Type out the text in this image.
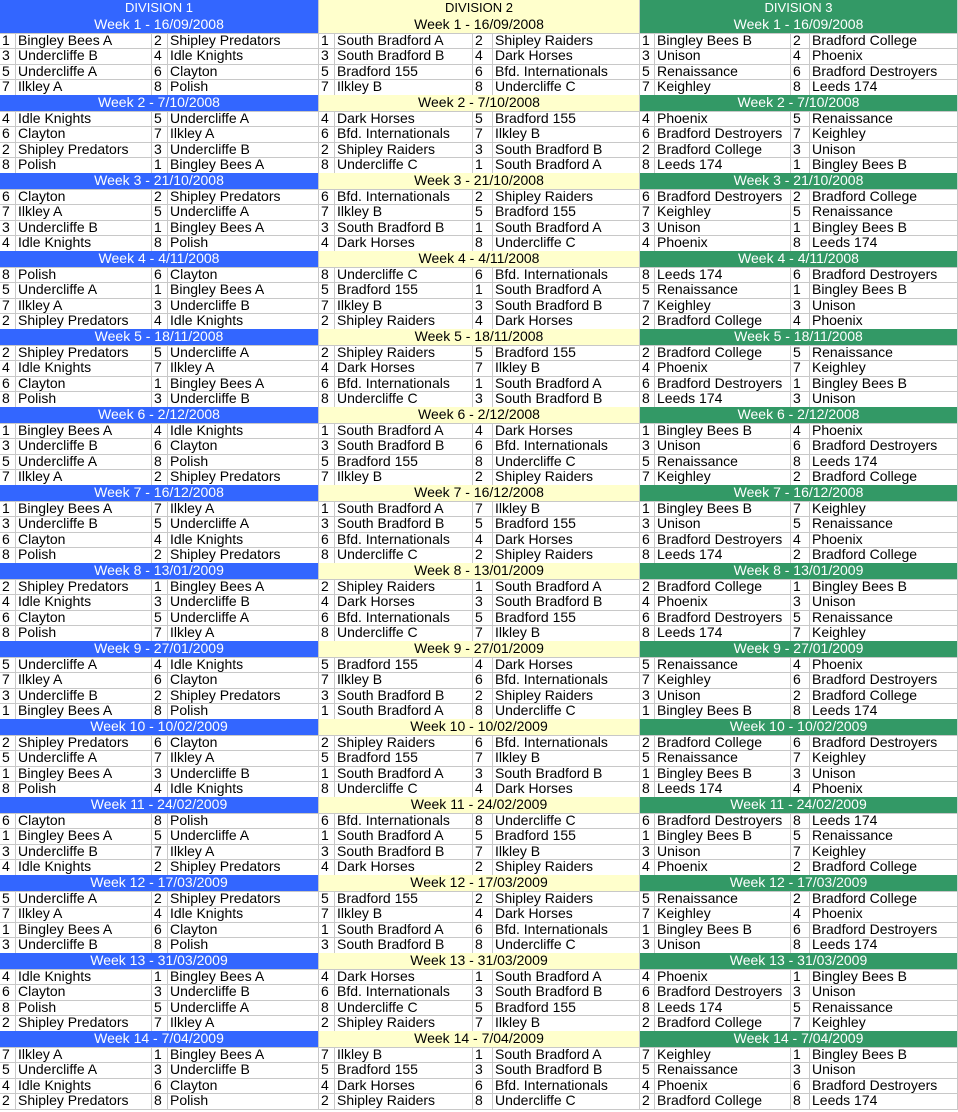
DIVISION 1	DIVISION 2	DIVISION 3
Week 1 - 16/09/2008	Week 1 - 16/09/2008	Week 1 - 16/09/2008
1 Bingley Bees A	2 Shipley Predators	1 South Bradford A	2 Shipley Raiders	1 Bingley Bees B	2 Bradford College
3 Undercliffe B	4 Idle Knights	3 South Bradford B	4 Dark Horses	3 Unison	4 Phoenix
5 Undercliffe A	6 Clayton	5 Bradford 155	6 Bfd. Internationals	5 Renaissance	6 Bradford Destroyers
7 Ilkley A	8 Polish	7 Ilkley B	8 Undercliffe C	7 Keighley	8 Leeds 174
Week 2 - 7/10/2008	Week 2 - 7/10/2008	Week 2 - 7/10/2008
4 Idle Knights	5 Undercliffe A	4 Dark Horses	5 Bradford 155	4 Phoenix	5 Renaissance
6 Clayton	7 Ilkley A	6 Bfd. Internationals	7 Ilkley B	6 Bradford Destroyers 7 Keighley
2 Shipley Predators	3 Undercliffe B	2 Shipley Raiders	3 South Bradford B	2 Bradford College	3 Unison
8 Polish	1 Bingley Bees A	8 Undercliffe C	1 South Bradford A	8 Leeds 174	1 Bingley Bees B
Week 3 - 21/10/2008	Week 3 - 21/10/2008	Week 3 - 21/10/2008
6 Clayton	2 Shipley Predators	6 Bfd. Internationals	2 Shipley Raiders	6 Bradford Destroyers 2 Bradford College
7 Ilkley A	5 Undercliffe A	7 Ilkley B	5 Bradford 155	7 Keighley	5 Renaissance
3 Undercliffe B	1 Bingley Bees A	3 South Bradford B	1 South Bradford A	3 Unison	1 Bingley Bees B
4 Idle Knights	8 Polish	4 Dark Horses	8 Undercliffe C	4 Phoenix	8 Leeds 174
Week 4 - 4/11/2008	Week 4 - 4/11/2008	Week 4 - 4/11/2008
8 Polish	6 Clayton	8 Undercliffe C	6 Bfd. Internationals	8 Leeds 174	6 Bradford Destroyers
5 Undercliffe A	1 Bingley Bees A	5 Bradford 155	1 South Bradford A	5 Renaissance	1 Bingley Bees B
7 Ilkley A	3 Undercliffe B	7 Ilkley B	3 South Bradford B	7 Keighley	3 Unison
2 Shipley Predators	4 Idle Knights	2 Shipley Raiders	4 Dark Horses	2 Bradford College	4 Phoenix
Week 5 - 18/11/2008	Week 5 - 18/11/2008	Week 5 - 18/11/2008
2 Shipley Predators	5 Undercliffe A	2 Shipley Raiders	5 Bradford 155	2 Bradford College	5 Renaissance
4 Idle Knights	7 Ilkley A	4 Dark Horses	7 Ilkley B	4 Phoenix	7 Keighley
6 Clayton	1 Bingley Bees A	6 Bfd. Internationals	1 South Bradford A	6 Bradford Destroyers 1 Bingley Bees B
8 Polish	3 Undercliffe B	8 Undercliffe C	3 South Bradford B	8 Leeds 174	3 Unison
Week 6 - 2/12/2008	Week 6 - 2/12/2008	Week 6 - 2/12/2008
1 Bingley Bees A	4 Idle Knights	1 South Bradford A	4 Dark Horses	1 Bingley Bees B	4 Phoenix
3 Undercliffe B	6 Clayton	3 South Bradford B	6 Bfd. Internationals	3 Unison	6 Bradford Destroyers
5 Undercliffe A	8 Polish	5 Bradford 155	8 Undercliffe C	5 Renaissance	8 Leeds 174
7 Ilkley A	2 Shipley Predators	7 Ilkley B	2 Shipley Raiders	7 Keighley	2 Bradford College
Week 7 - 16/12/2008	Week 7 - 16/12/2008	Week 7 - 16/12/2008
1 Bingley Bees A	7 Ilkley A	1 South Bradford A	7 Ilkley B	1 Bingley Bees B	7 Keighley
3 Undercliffe B	5 Undercliffe A	3 South Bradford B	5 Bradford 155	3 Unison	5 Renaissance
6 Clayton	4 Idle Knights	6 Bfd. Internationals	4 Dark Horses	6 Bradford Destroyers 4 Phoenix
8 Polish	2 Shipley Predators	8 Undercliffe C	2 Shipley Raiders	8 Leeds 174	2 Bradford College
Week 8 - 13/01/2009	Week 8 - 13/01/2009	Week 8 - 13/01/2009
2 Shipley Predators	1 Bingley Bees A	2 Shipley Raiders	1 South Bradford A	2 Bradford College	1 Bingley Bees B
4 Idle Knights	3 Undercliffe B	4 Dark Horses	3 South Bradford B	4 Phoenix	3 Unison
6 Clayton	5 Undercliffe A	6 Bfd. Internationals	5 Bradford 155	6 Bradford Destroyers 5 Renaissance
8 Polish	7 Ilkley A	8 Undercliffe C	7 Ilkley B	8 Leeds 174	7 Keighley
Week 9 - 27/01/2009	Week 9 - 27/01/2009	Week 9 - 27/01/2009
5 Undercliffe A	4 Idle Knights	5 Bradford 155	4 Dark Horses	5 Renaissance	4 Phoenix
7 Ilkley A	6 Clayton	7 Ilkley B	6 Bfd. Internationals	7 Keighley	6 Bradford Destroyers
3 Undercliffe B	2 Shipley Predators	3 South Bradford B	2 Shipley Raiders	3 Unison	2 Bradford College
1 Bingley Bees A	8 Polish	1 South Bradford A	8 Undercliffe C	1 Bingley Bees B	8 Leeds 174
Week 10 - 10/02/2009	Week 10 - 10/02/2009	Week 10 - 10/02/2009
2 Shipley Predators	6 Clayton	2 Shipley Raiders	6 Bfd. Internationals	2 Bradford College	6 Bradford Destroyers
5 Undercliffe A	7 Ilkley A	5 Bradford 155	7 Ilkley B	5 Renaissance	7 Keighley
1 Bingley Bees A	3 Undercliffe B	1 South Bradford A	3 South Bradford B	1 Bingley Bees B	3 Unison
8 Polish	4 Idle Knights	8 Undercliffe C	4 Dark Horses	8 Leeds 174	4 Phoenix
Week 11 - 24/02/2009	Week 11 - 24/02/2009	Week 11 - 24/02/2009
6 Clayton	8 Polish	6 Bfd. Internationals	8 Undercliffe C	6 Bradford Destroyers 8 Leeds 174
1 Bingley Bees A	5 Undercliffe A	1 South Bradford A	5 Bradford 155	1 Bingley Bees B	5 Renaissance
3 Undercliffe B	7 Ilkley A	3 South Bradford B	7 Ilkley B	3 Unison	7 Keighley
4 Idle Knights	2 Shipley Predators	4 Dark Horses	2 Shipley Raiders	4 Phoenix	2 Bradford College
Week 12 - 17/03/2009	Week 12 - 17/03/2009	Week 12 - 17/03/2009
5 Undercliffe A	2 Shipley Predators	5 Bradford 155	2 Shipley Raiders	5 Renaissance	2 Bradford College
7 Ilkley A	4 Idle Knights	7 Ilkley B	4 Dark Horses	7 Keighley	4 Phoenix
1 Bingley Bees A	6 Clayton	1 South Bradford A	6 Bfd. Internationals	1 Bingley Bees B	6 Bradford Destroyers
3 Undercliffe B	8 Polish	3 South Bradford B	8 Undercliffe C	3 Unison	8 Leeds 174
Week 13 - 31/03/2009	Week 13 - 31/03/2009	Week 13 - 31/03/2009
4 Idle Knights	1 Bingley Bees A	4 Dark Horses	1 South Bradford A	4 Phoenix	1 Bingley Bees B
6 Clayton	3 Undercliffe B	6 Bfd. Internationals	3 South Bradford B	6 Bradford Destroyers 3 Unison
8 Polish	5 Undercliffe A	8 Undercliffe C	5 Bradford 155	8 Leeds 174	5 Renaissance
2 Shipley Predators	7 Ilkley A	2 Shipley Raiders	7 Ilkley B	2 Bradford College	7 Keighley
Week 14 - 7/04/2009	Week 14 - 7/04/2009	Week 14 - 7/04/2009
7 Ilkley A	1 Bingley Bees A	7 Ilkley B	1 South Bradford A	7 Keighley	1 Bingley Bees B
5 Undercliffe A	3 Undercliffe B	5 Bradford 155	3 South Bradford B	5 Renaissance	3 Unison
4 Idle Knights	6 Clayton	4 Dark Horses	6 Bfd. Internationals	4 Phoenix	6 Bradford Destroyers
2 Shipley Predators	8 Polish	2 Shipley Raiders	8 Undercliffe C	2 Bradford College	8 Leeds 174
